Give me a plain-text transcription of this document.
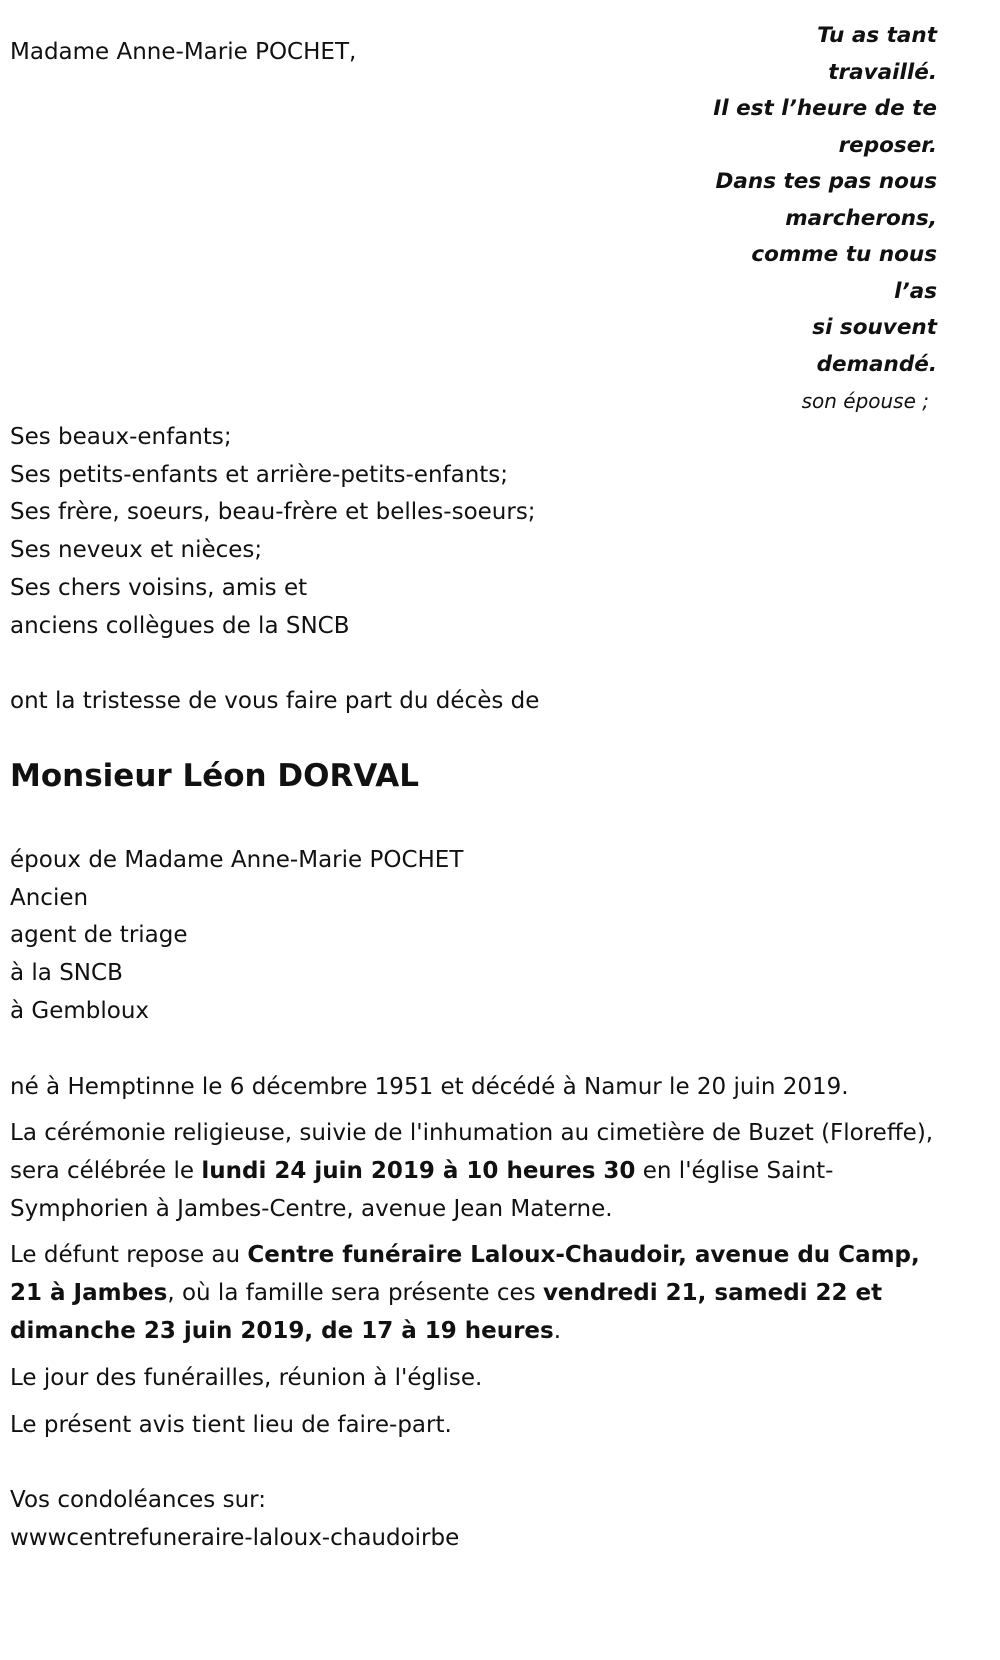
Madame Anne-Marie POCHET,
Tu as tant
travaillé.
Il est l’heure de te
reposer.
Dans tes pas nous
marcherons,
comme tu nous
l’as
si souvent
demandé.
son épouse ;
Ses beaux-enfants;
Ses petits-enfants et arrière-petits-enfants;
Ses frère, soeurs, beau-frère et belles-soeurs;
Ses neveux et nièces;
Ses chers voisins, amis et
anciens collègues de la SNCB
ont la tristesse de vous faire part du décès de
Monsieur Léon DORVAL
époux de Madame Anne-Marie POCHET
Ancien
agent de triage
à la SNCB
à Gembloux

né à Hemptinne le 6 décembre 1951 et décédé à Namur le 20 juin 2019.

La cérémonie religieuse, suivie de l'inhumation au cimetière de Buzet (Floreffe), sera célébrée le lundi 24 juin 2019 à 10 heures 30 en l'église Saint-Symphorien à Jambes-Centre, avenue Jean Materne.

Le défunt repose au Centre funéraire Laloux-Chaudoir, avenue du Camp, 21 à Jambes, où la famille sera présente ces vendredi 21, samedi 22 et dimanche 23 juin 2019, de 17 à 19 heures.

Le jour des funérailles, réunion à l'église.

Le présent avis tient lieu de faire-part.

Vos condoléances sur:
wwwcentrefuneraire-laloux-chaudoirbe
